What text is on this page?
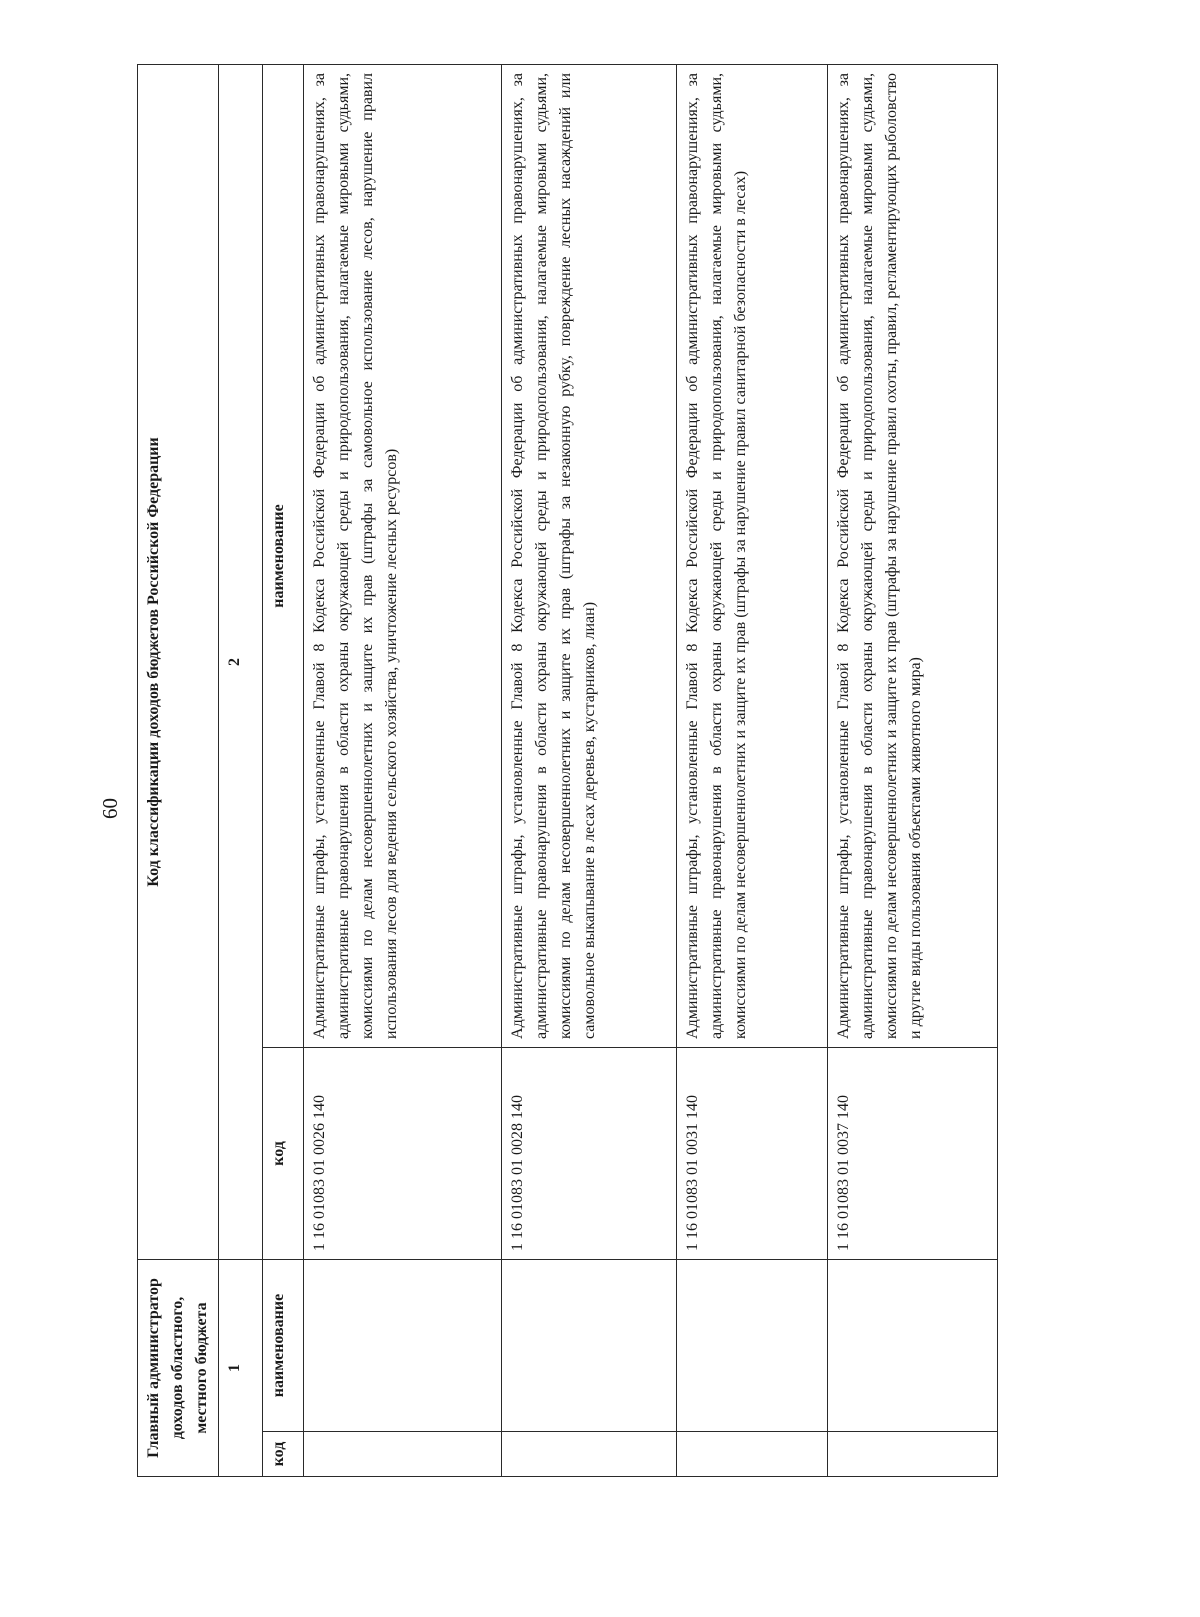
60
Главный администратор доходов областного, местного бюджета		Код классификации доходов бюджетов Российской Федерации	
1		2	
код	наименование	код	наименование
		1 16 01083 01 0026 140	Административные штрафы, установленные Главой 8 Кодекса Российской Федерации об административных правонарушениях, за административные правонарушения в области охраны окружающей среды и природопользования, налагаемые мировыми судьями, комиссиями по делам несовершеннолетних и защите их прав (штрафы за самовольное использование лесов, нарушение правил использования лесов для ведения сельского хозяйства, уничтожение лесных ресурсов)
		1 16 01083 01 0028 140	Административные штрафы, установленные Главой 8 Кодекса Российской Федерации об административных правонарушениях, за административные правонарушения в области охраны окружающей среды и природопользования, налагаемые мировыми судьями, комиссиями по делам несовершеннолетних и защите их прав (штрафы за незаконную рубку, повреждение лесных насаждений или самовольное выкапывание в лесах деревьев, кустарников, лиан)
		1 16 01083 01 0031 140	Административные штрафы, установленные Главой 8 Кодекса Российской Федерации об административных правонарушениях, за административные правонарушения в области охраны окружающей среды и природопользования, налагаемые мировыми судьями, комиссиями по делам несовершеннолетних и защите их прав (штрафы за нарушение правил санитарной безопасности в лесах)
		1 16 01083 01 0037 140	Административные штрафы, установленные Главой 8 Кодекса Российской Федерации об административных правонарушениях, за административные правонарушения в области охраны окружающей среды и природопользования, налагаемые мировыми судьями, комиссиями по делам несовершеннолетних и защите их прав (штрафы за нарушение правил охоты, правил, регламентирующих рыболовство и другие виды пользования объектами животного мира)
